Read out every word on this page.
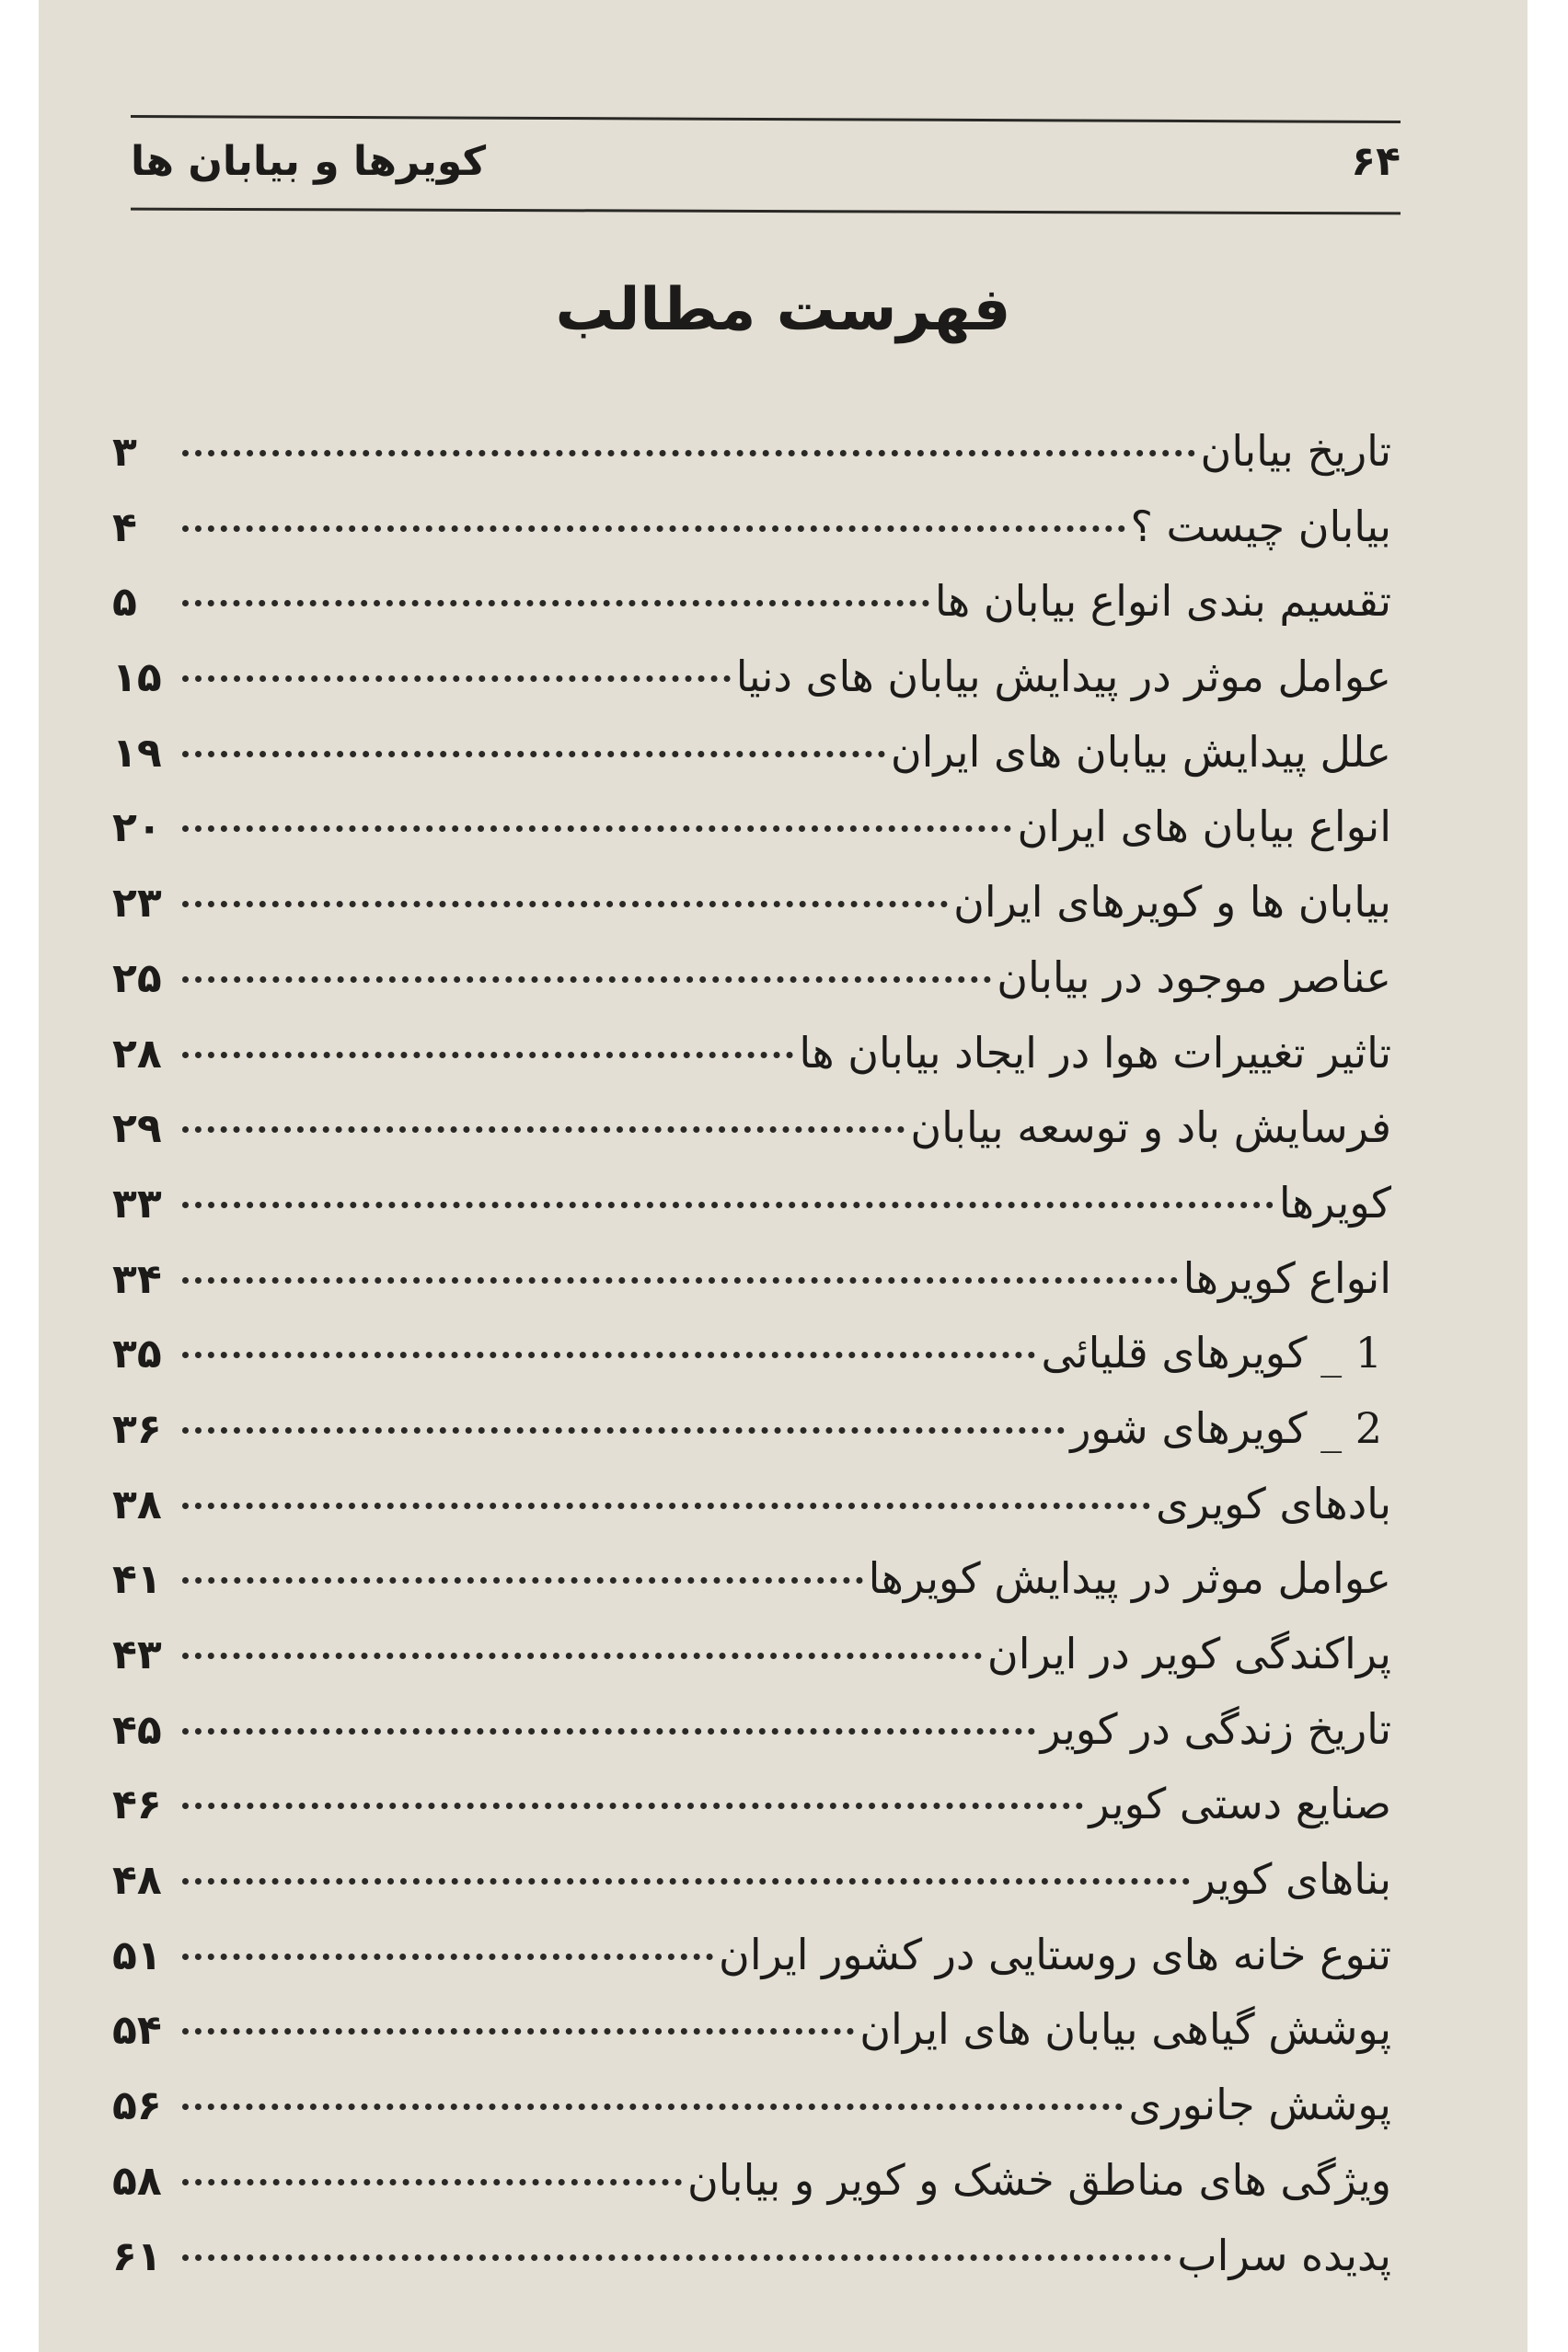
۶۴
کویرها و بیابان ها
فهرست مطالب
تاریخ بیابان
۳
بیابان چیست ؟
۴
تقسیم بندی انواع بیابان ها
۵
عوامل موثر در پیدایش بیابان های دنیا
۱۵
علل پیدایش بیابان های ایران
۱۹
انواع بیابان های ایران
۲۰
بیابان ها و کویرهای ایران
۲۳
عناصر موجود در بیابان
۲۵
تاثیر تغییرات هوا در ایجاد بیابان ها
۲۸
فرسایش باد و توسعه بیابان
۲۹
کویرها
۳۳
انواع کویرها
۳۴
1 _ کویرهای قلیائی
۳۵
2 _ کویرهای شور
۳۶
بادهای کویری
۳۸
عوامل موثر در پیدایش کویرها
۴۱
پراکندگی کویر در ایران
۴۳
تاریخ زندگی در کویر
۴۵
صنایع دستی کویر
۴۶
بناهای کویر
۴۸
تنوع خانه های روستایی در کشور ایران
۵۱
پوشش گیاهی بیابان های ایران
۵۴
پوشش جانوری
۵۶
ویژگی های مناطق خشک و کویر و بیابان
۵۸
پدیده سراب
۶۱
